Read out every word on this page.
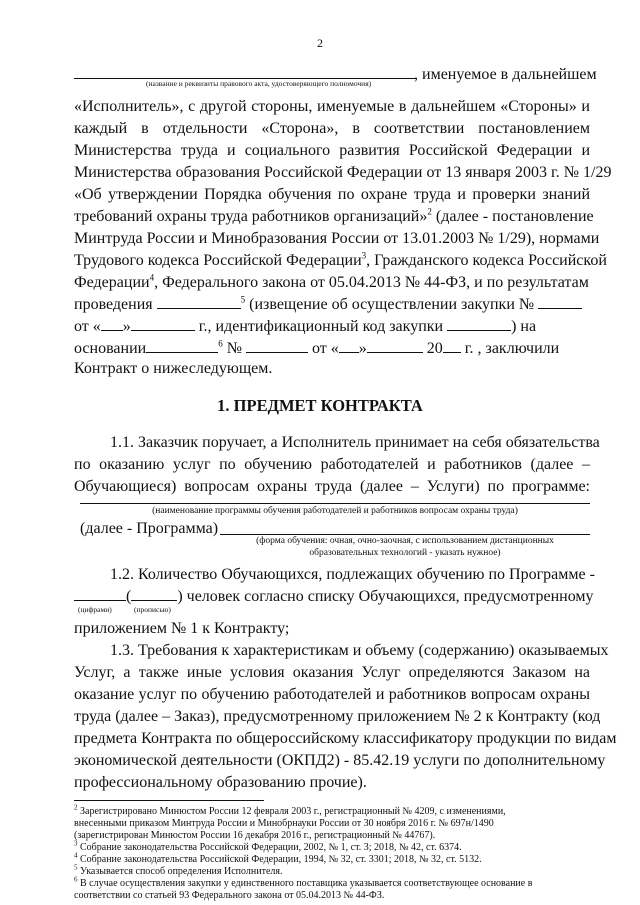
2
(название и реквизиты правового акта, удостоверяющего полномочия)
, именуемое в дальнейшем
«Исполнитель», с другой стороны, именуемые в дальнейшем «Стороны» и
каждый в отдельности «Сторона», в соответствии постановлением
Министерства труда и социального развития Российской Федерации и
Министерства образования Российской Федерации от 13 января 2003 г. № 1/29
«Об утверждении Порядка обучения по охране труда и проверки знаний
требований охраны труда работников организаций»$^2$ (далее - постановление
Минтруда России и Минобразования России от 13.01.2003 № 1/29), нормами
Трудового кодекса Российской Федерации$^3$, Гражданского кодекса Российской
Федерации$^4$, Федерального закона от 05.04.2013 № 44-ФЗ, и по результатам
проведения	$^5$ (извещение об осуществлении закупки №
от « »	г., идентификационный код закупки	) на
основании	$^6$ №	от « »	20 г. , заключили
Контракт о нижеследующем.
1. ПРЕДМЕТ КОНТРАКТА
1.1. Заказчик поручает, а Исполнитель принимает на себя обязательства
по оказанию услуг по обучению работодателей и работников (далее –
Обучающиеся) вопросам охраны труда (далее – Услуги) по программе:
(наименование программы обучения работодателей и работников вопросам охраны труда)
(далее - Программа)
(форма обучения: очная, очно-заочная, с использованием дистанционных
образовательных технологий - указать нужное)
1.2. Количество Обучающихся, подлежащих обучению по Программе -
(	) человек согласно списку Обучающихся, предусмотренному
(цифрами)	(прописью)
приложением № 1 к Контракту;
1.3. Требования к характеристикам и объему (содержанию) оказываемых
Услуг, а также иные условия оказания Услуг определяются Заказом на
оказание услуг по обучению работодателей и работников вопросам охраны
труда (далее – Заказ), предусмотренному приложением № 2 к Контракту (код
предмета Контракта по общероссийскому классификатору продукции по видам
экономической деятельности (ОКПД2) - 85.42.19 услуги по дополнительному
профессиональному образованию прочие).
$^2$ Зарегистрировано Минюстом России 12 февраля 2003 г., регистрационный № 4209, с изменениями,
внесенными приказом Минтруда России и Минобрнауки России от 30 ноября 2016 г. № 697н/1490
(зарегистрирован Минюстом России 16 декабря 2016 г., регистрационный № 44767).
$^3$ Собрание законодательства Российской Федерации, 2002, № 1, ст. 3; 2018, № 42, ст. 6374.
$^4$ Собрание законодательства Российской Федерации, 1994, № 32, ст. 3301; 2018, № 32, ст. 5132.
$^5$ Указывается способ определения Исполнителя.
$^6$ В случае осуществления закупки у единственного поставщика указывается соответствующее основание в
соответствии со статьей 93 Федерального закона от 05.04.2013 № 44-ФЗ.
